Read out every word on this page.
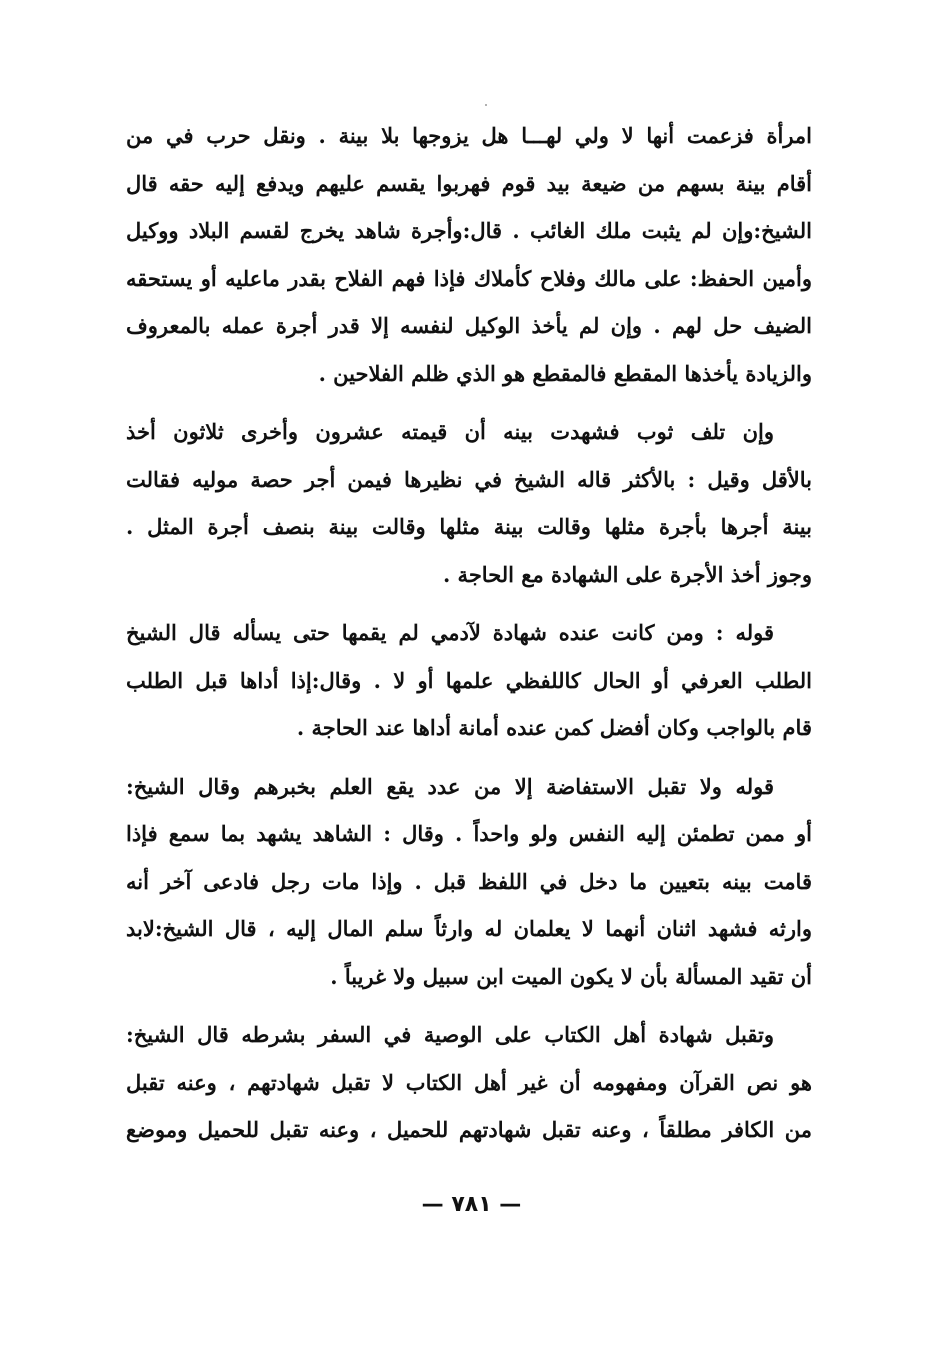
امرأة فزعمت أنها لا ولي لهـــا هل يزوجها بلا بينة . ونقل حرب في من
أقام بينة بسهم من ضيعة بيد قوم فهربوا يقسم عليهم ويدفع إليه حقه قال
الشيخ:وإن لم يثبت ملك الغائب . قال:وأجرة شاهد يخرج لقسم البلاد ووكيل
وأمين الحفظ: على مالك وفلاح كأملاك فإذا فهم الفلاح بقدر ماعليه أو يستحقه
الضيف حل لهم . وإن لم يأخذ الوكيل لنفسه إلا قدر أجرة عمله بالمعروف
والزيادة يأخذها المقطع فالمقطع هو الذي ظلم الفلاحين .
وإن تلف ثوب فشهدت بينه أن قيمته عشرون وأخرى ثلاثون أخذ
بالأقل وقيل : بالأكثر قاله الشيخ في نظيرها فيمن أجر حصة موليه فقالت
بينة أجرها بأجرة مثلها وقالت بينة مثلها وقالت بينة بنصف أجرة المثل .
وجوز أخذ الأجرة على الشهادة مع الحاجة .
قوله : ومن كانت عنده شهادة لآدمي لم يقمها حتى يسأله قال الشيخ
الطلب العرفي أو الحال كاللفظي علمها أو لا . وقال:إذا أداها قبل الطلب
قام بالواجب وكان أفضل كمن عنده أمانة أداها عند الحاجة .
قوله ولا تقبل الاستفاضة إلا من عدد يقع العلم بخبرهم وقال الشيخ:
أو ممن تطمئن إليه النفس ولو واحداً . وقال : الشاهد يشهد بما سمع فإذا
قامت بينه بتعيين ما دخل في اللفظ قبل . وإذا مات رجل فادعى آخر أنه
وارثه فشهد اثنان أنهما لا يعلمان له وارثاً سلم المال إليه ، قال الشيخ:لابد
أن تقيد المسألة بأن لا يكون الميت ابن سبيل ولا غريباً .
وتقبل شهادة أهل الكتاب على الوصية في السفر بشرطه قال الشيخ:
هو نص القرآن ومفهومه أن غير أهل الكتاب لا تقبل شهادتهم ، وعنه تقبل
من الكافر مطلقاً ، وعنه تقبل شهادتهم للحميل ، وعنه تقبل للحميل وموضع
— ٧٨١ —
